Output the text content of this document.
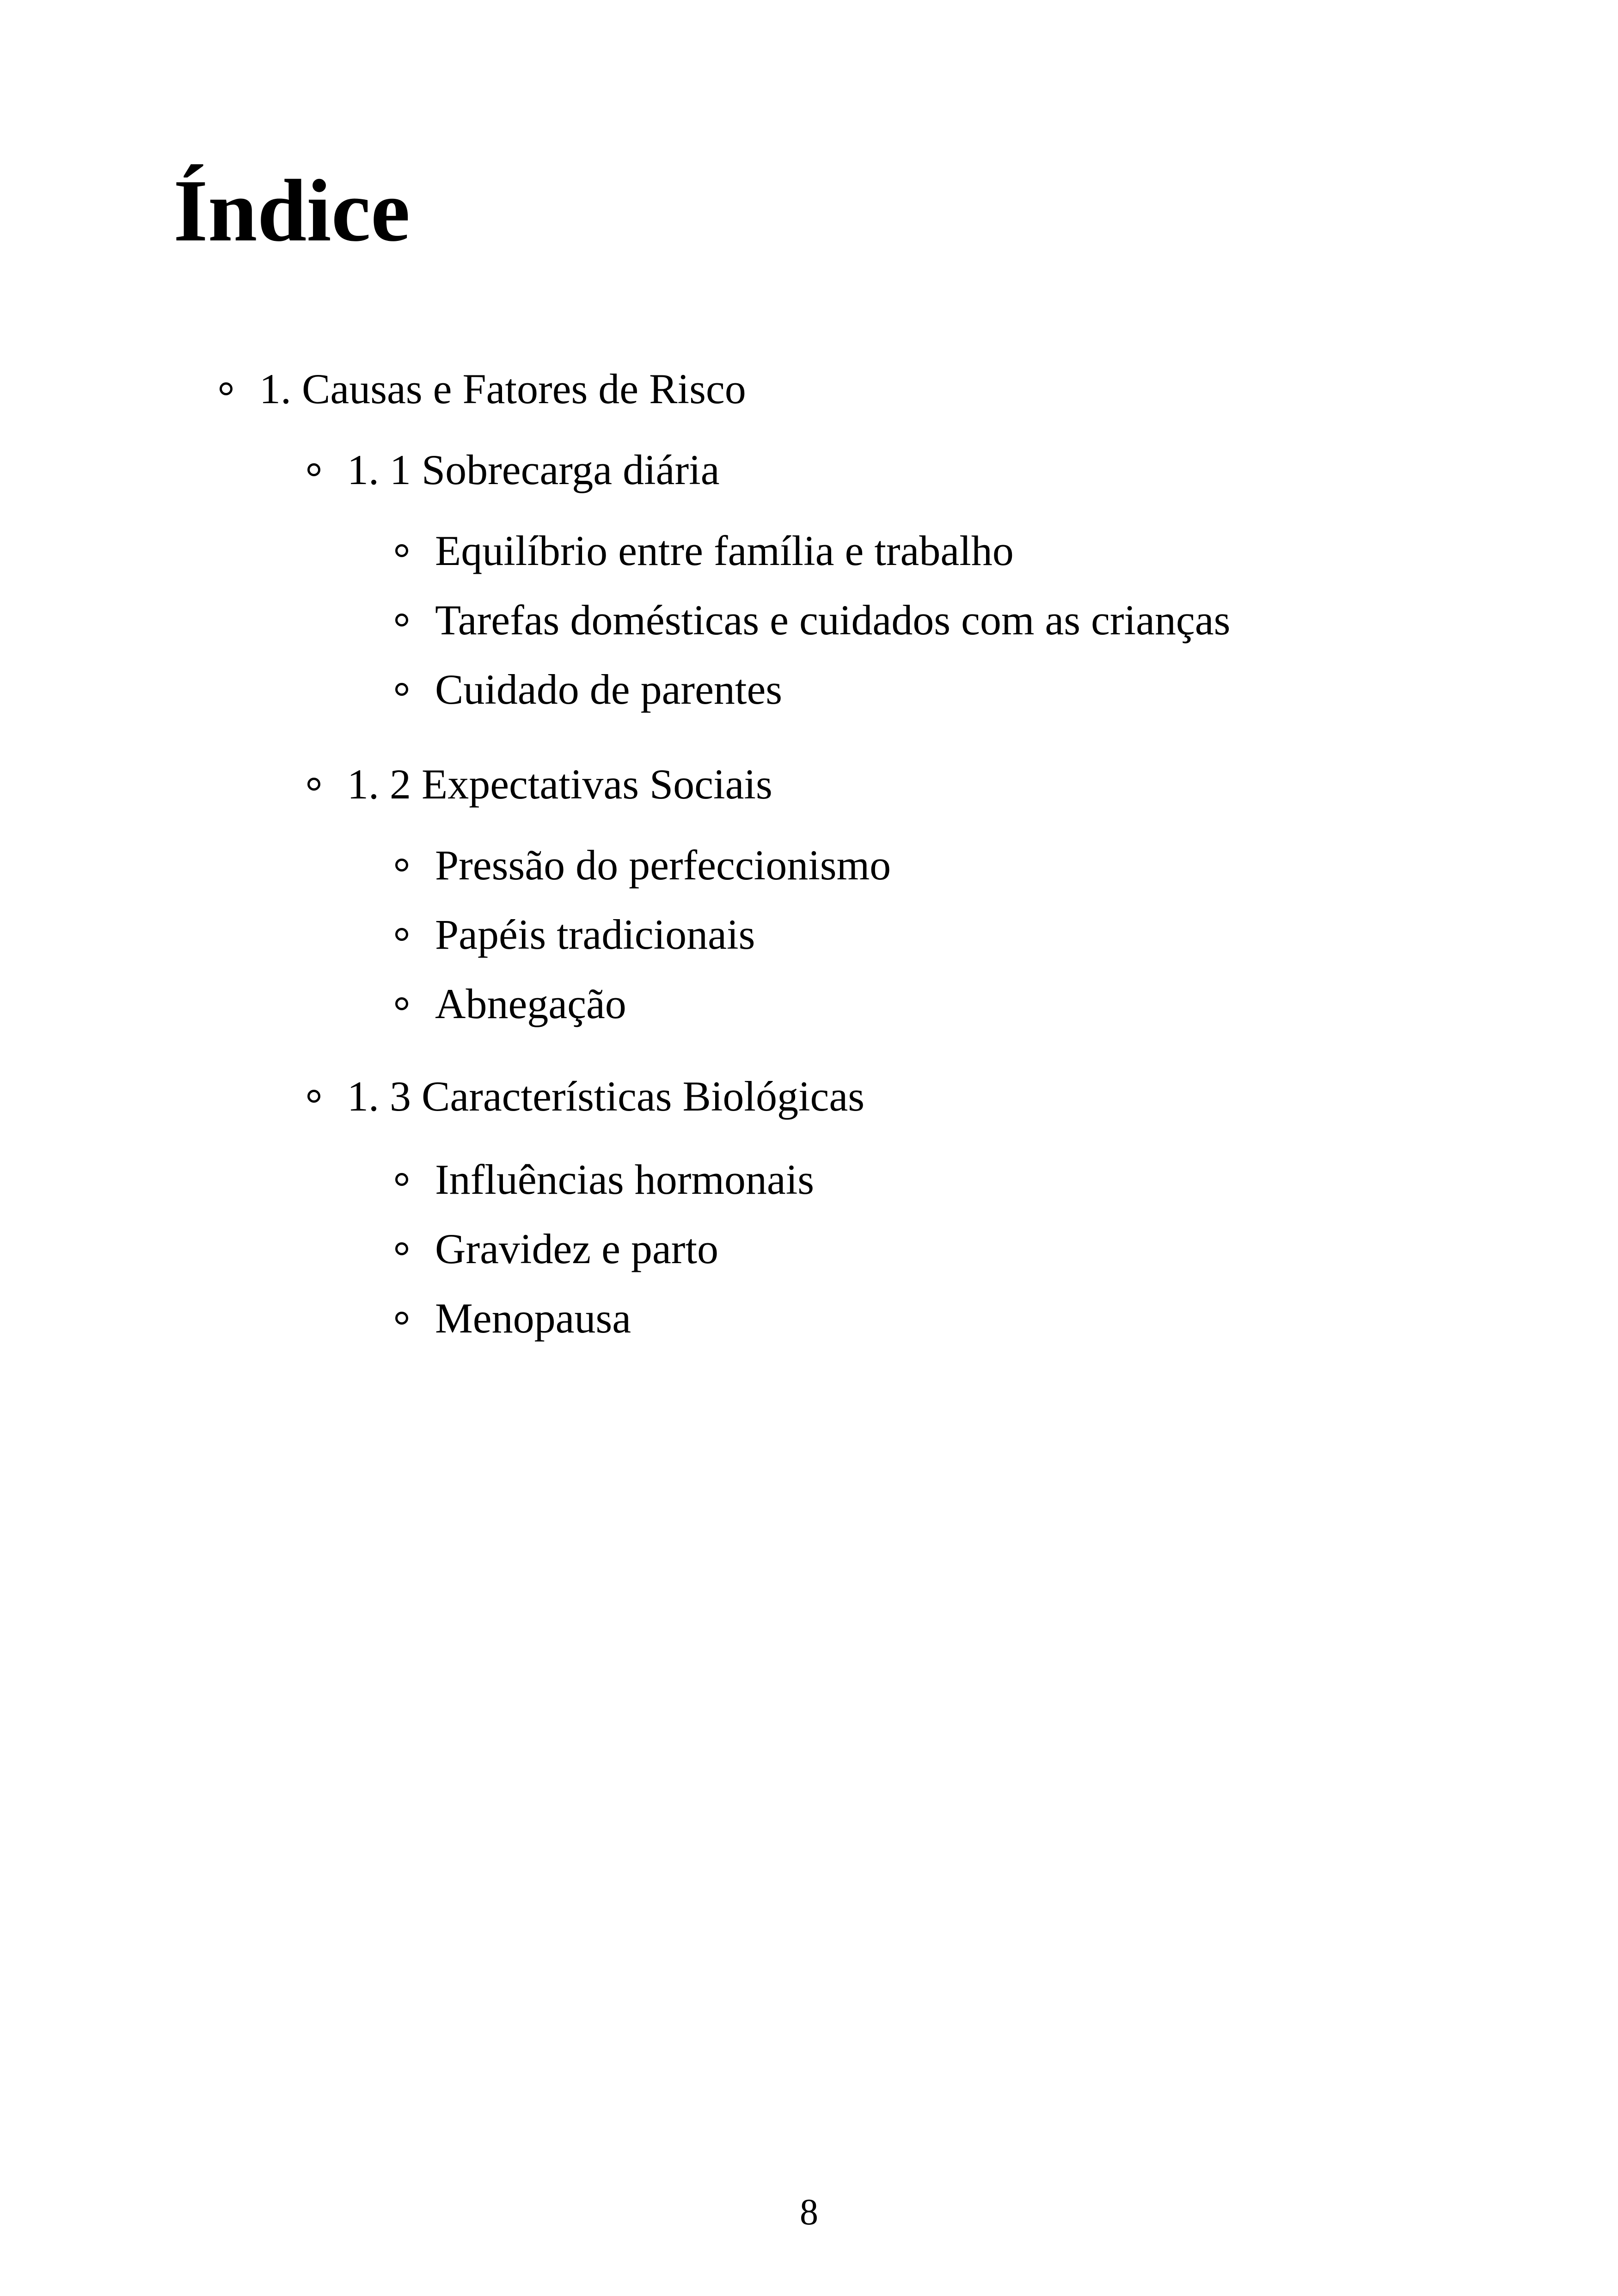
Índice
1. Causas e Fatores de Risco
1. 1 Sobrecarga diária
Equilíbrio entre família e trabalho
Tarefas domésticas e cuidados com as crianças
Cuidado de parentes
1. 2 Expectativas Sociais
Pressão do perfeccionismo
Papéis tradicionais
Abnegação
1. 3 Características Biológicas
Influências hormonais
Gravidez e parto
Menopausa
8
